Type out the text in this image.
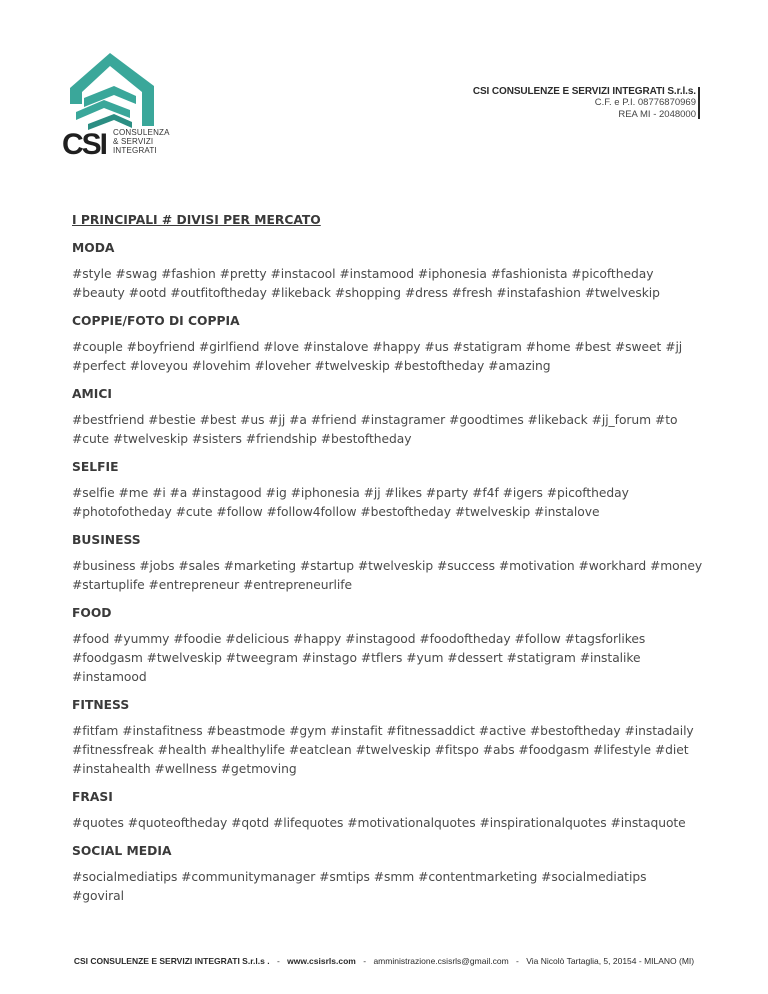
CSI CONSULENZA
& SERVIZI
INTEGRATI
CSI CONSULENZE E SERVIZI INTEGRATI S.r.l.s.
C.F. e P.I. 08776870969
REA MI - 2048000
I PRINCIPALI # DIVISI PER MERCATO
MODA
#style #swag #fashion #pretty #instacool #instamood #iphonesia #fashionista #picoftheday
#beauty #ootd #outfitoftheday #likeback #shopping #dress #fresh #instafashion #twelveskip
COPPIE/FOTO DI COPPIA
#couple #boyfriend #girlfiend #love #instalove #happy #us #statigram #home #best #sweet #jj
#perfect #loveyou #lovehim #loveher #twelveskip #bestoftheday #amazing
AMICI
#bestfriend #bestie #best #us #jj #a #friend #instagramer #goodtimes #likeback #jj_forum #to
#cute #twelveskip #sisters #friendship #bestoftheday
SELFIE
#selfie #me #i #a #instagood #ig #iphonesia #jj #likes #party #f4f #igers #picoftheday
#photofotheday #cute #follow #follow4follow #bestoftheday #twelveskip #instalove
BUSINESS
#business #jobs #sales #marketing #startup #twelveskip #success #motivation #workhard #money
#startuplife #entrepreneur #entrepreneurlife
FOOD
#food #yummy #foodie #delicious #happy #instagood #foodoftheday #follow #tagsforlikes
#foodgasm #twelveskip #tweegram #instago #tflers #yum #dessert #statigram #instalike
#instamood
FITNESS
#fitfam #instafitness #beastmode #gym #instafit #fitnessaddict #active #bestoftheday #instadaily
#fitnessfreak #health #healthylife #eatclean #twelveskip #fitspo #abs #foodgasm #lifestyle #diet
#instahealth #wellness #getmoving
FRASI
#quotes #quoteoftheday #qotd #lifequotes #motivationalquotes #inspirationalquotes #instaquote
SOCIAL MEDIA
#socialmediatips #communitymanager #smtips #smm #contentmarketing #socialmediatips
#goviral
CSI CONSULENZE E SERVIZI INTEGRATI S.r.l.s . - www.csisrls.com - amministrazione.csisrls@gmail.com - Via Nicolò Tartaglia, 5, 20154 - MILANO (MI)
